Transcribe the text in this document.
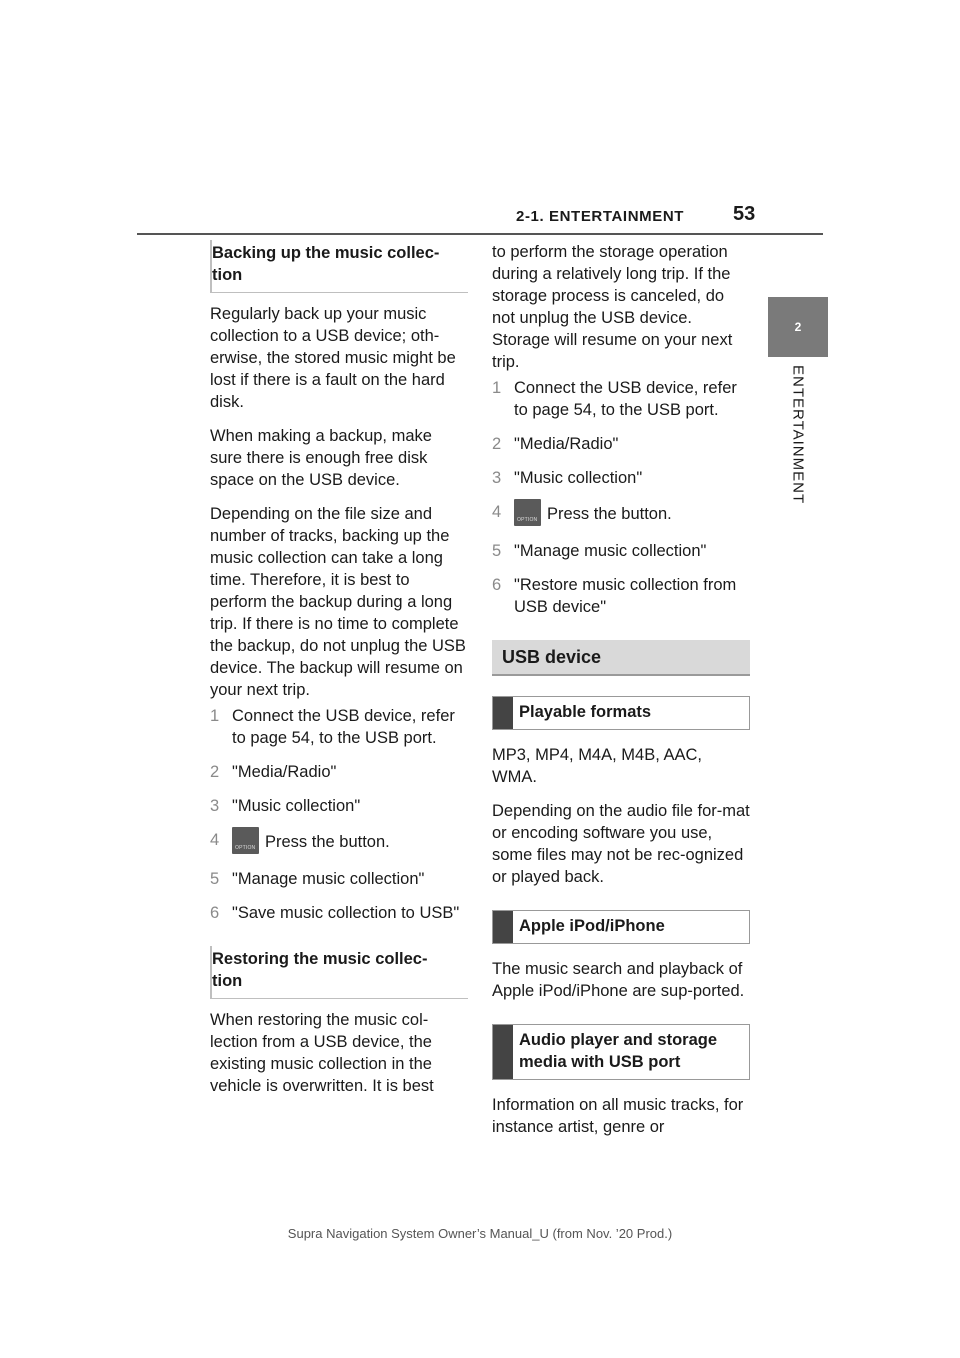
2-1. ENTERTAINMENT 53
2
ENTERTAINMENT
Backing up the music collec-
tion

Regularly back up your music collection to a USB device; oth-erwise, the stored music might be lost if there is a fault on the hard disk.

When making a backup, make sure there is enough free disk space on the USB device.

Depending on the file size and number of tracks, backing up the music collection can take a long time. Therefore, it is best to perform the backup during a long trip. If there is no time to complete the backup, do not unplug the USB device. The backup will resume on your next trip.

1 Connect the USB device, refer to page 54, to the USB port.
2 "Media/Radio"
3 "Music collection"
4 OPTION	Press the button.
5 "Manage music collection"
6 "Save music collection to USB"
Restoring the music collec-
tion

When restoring the music col-lection from a USB device, the existing music collection in the vehicle is overwritten. It is best

to perform the storage operation during a relatively long trip. If the storage process is canceled, do not unplug the USB device. Storage will resume on your next trip.

1 Connect the USB device, refer to page 54, to the USB port.
2 "Media/Radio"
3 "Music collection"
4 OPTION	Press the button.
5 "Manage music collection"
6 "Restore music collection from USB device"
USB device
Playable formats

MP3, MP4, M4A, M4B, AAC, WMA.

Depending on the audio file for-mat or encoding software you use, some files may not be rec-ognized or played back.

Apple iPod/iPhone

The music search and playback of Apple iPod/iPhone are sup-ported.

Audio player and storage media with USB port

Information on all music tracks, for instance artist, genre or

Supra Navigation System Owner’s Manual_U (from Nov. ’20 Prod.)
